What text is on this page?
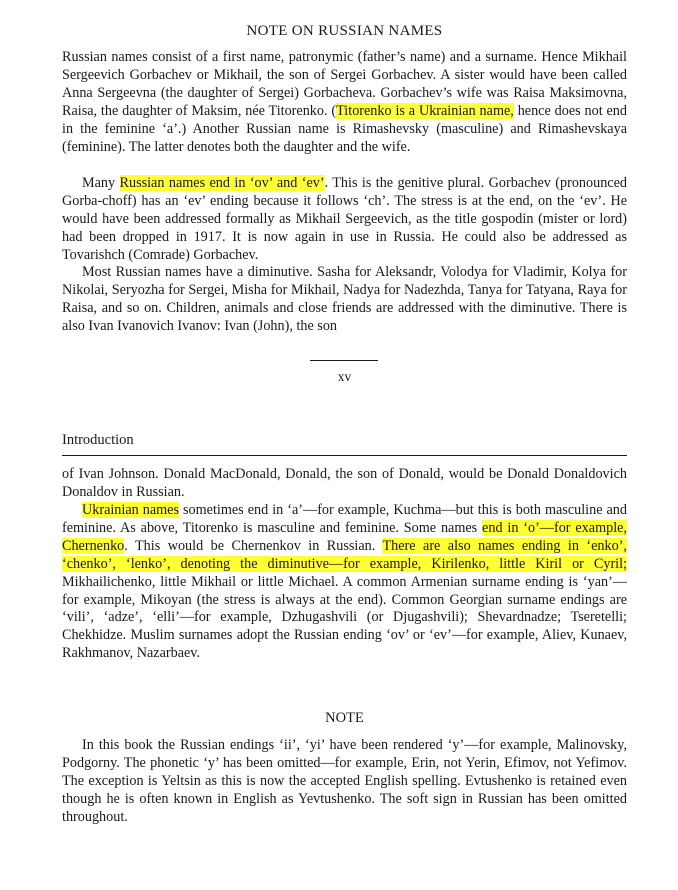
NOTE ON RUSSIAN NAMES

Russian names consist of a first name, patronymic (father’s name) and a surname. Hence Mikhail Sergeevich Gorbachev or Mikhail, the son of Sergei Gorbachev. A sister would have been called Anna Sergeevna (the daughter of Sergei) Gorbacheva. Gorbachev’s wife was Raisa Maksimovna, Raisa, the daughter of Maksim, née Titorenko. (Titorenko is a Ukrainian name, hence does not end in the feminine ‘a’.) Another Russian name is Rimashevsky (masculine) and Rimashevskaya (feminine). The latter denotes both the daughter and the wife.

Many Russian names end in ‘ov’ and ‘ev’. This is the genitive plural. Gorbachev (pronounced Gorba-choff) has an ‘ev’ ending because it follows ‘ch’. The stress is at the end, on the ‘ev’. He would have been addressed formally as Mikhail Sergeevich, as the title gospodin (mister or lord) had been dropped in 1917. It is now again in use in Russia. He could also be addressed as Tovarishch (Comrade) Gorbachev.

Most Russian names have a diminutive. Sasha for Aleksandr, Volodya for Vladimir, Kolya for Nikolai, Seryozha for Sergei, Misha for Mikhail, Nadya for Nadezhda, Tanya for Tatyana, Raya for Raisa, and so on. Children, animals and close friends are addressed with the diminutive. There is also Ivan Ivanovich Ivanov: Ivan (John), the son

xv
Introduction

of Ivan Johnson. Donald MacDonald, Donald, the son of Donald, would be Donald Donaldovich Donaldov in Russian.

Ukrainian names sometimes end in ‘a’—for example, Kuchma—but this is both masculine and feminine. As above, Titorenko is masculine and feminine. Some names end in ‘o’—for example, Chernenko. This would be Chernenkov in Russian. There are also names ending in ‘enko’, ‘chenko’, ‘lenko’, denoting the diminutive—for example, Kirilenko, little Kiril or Cyril; Mikhailichenko, little Mikhail or little Michael. A common Armenian surname ending is ‘yan’—for example, Mikoyan (the stress is always at the end). Common Georgian surname endings are ‘vili’, ‘adze’, ‘elli’—for example, Dzhugashvili (or Djugashvili); Shevardnadze; Tseretelli; Chekhidze. Muslim surnames adopt the Russian ending ‘ov’ or ‘ev’—for example, Aliev, Kunaev, Rakhmanov, Nazarbaev.

NOTE

In this book the Russian endings ‘ii’, ‘yi’ have been rendered ‘y’—for example, Malinovsky, Podgorny. The phonetic ‘y’ has been omitted—for example, Erin, not Yerin, Efimov, not Yefimov. The exception is Yeltsin as this is now the accepted English spelling. Evtushenko is retained even though he is often known in English as Yevtushenko. The soft sign in Russian has been omitted throughout.
